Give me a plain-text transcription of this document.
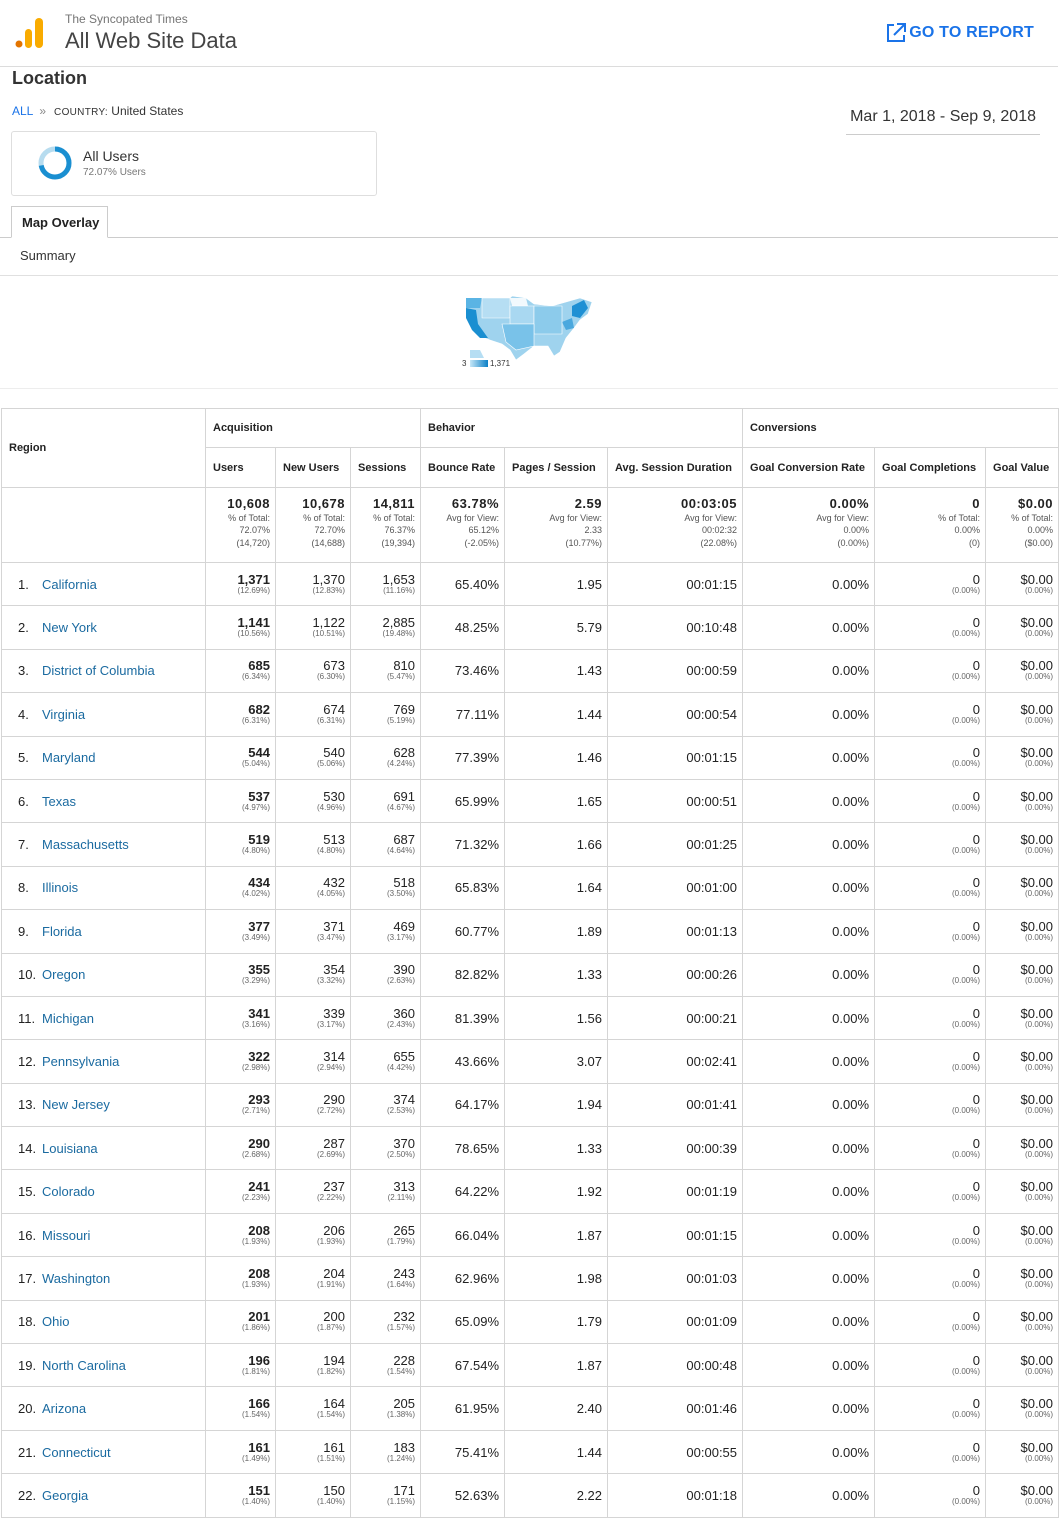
The Syncopated Times
All Web Site Data	GO TO REPORT
Location
ALL » COUNTRY: United States	Mar 1, 2018 - Sep 9, 2018
All Users
72.07% Users
Map Overlay
Summary
3	1,371
Region	Acquisition			Behavior			Conversions		
	Users	New Users	Sessions	Bounce Rate	Pages / Session	Avg. Session Duration	Goal Conversion Rate	Goal Completions	Goal Value

	10,608
% of Total:
72.07%
(14,720)	10,678
% of Total:
72.70%
(14,688)	14,811
% of Total:
76.37%
(19,394)	63.78%
Avg for View:
65.12%
(-2.05%)	2.59
Avg for View:
2.33
(10.77%)	00:03:05
Avg for View:
00:02:32
(22.08%)	0.00%
Avg for View:
0.00%
(0.00%)	0
% of Total:
0.00%
(0)	$0.00
% of Total:
0.00%
($0.00)

1. California	1,371
(12.69%)	1,370
(12.83%)	1,653
(11.16%)	65.40%	1.95	00:01:15	0.00%	0
(0.00%)	$0.00
(0.00%)

2. New York	1,141
(10.56%)	1,122
(10.51%)	2,885
(19.48%)	48.25%	5.79	00:10:48	0.00%	0
(0.00%)	$0.00
(0.00%)

3. District of Columbia	685
(6.34%)	673
(6.30%)	810
(5.47%)	73.46%	1.43	00:00:59	0.00%	0
(0.00%)	$0.00
(0.00%)

4. Virginia	682
(6.31%)	674
(6.31%)	769
(5.19%)	77.11%	1.44	00:00:54	0.00%	0
(0.00%)	$0.00
(0.00%)

5. Maryland	544
(5.04%)	540
(5.06%)	628
(4.24%)	77.39%	1.46	00:01:15	0.00%	0
(0.00%)	$0.00
(0.00%)

6. Texas	537
(4.97%)	530
(4.96%)	691
(4.67%)	65.99%	1.65	00:00:51	0.00%	0
(0.00%)	$0.00
(0.00%)

7. Massachusetts	519
(4.80%)	513
(4.80%)	687
(4.64%)	71.32%	1.66	00:01:25	0.00%	0
(0.00%)	$0.00
(0.00%)

8. Illinois	434
(4.02%)	432
(4.05%)	518
(3.50%)	65.83%	1.64	00:01:00	0.00%	0
(0.00%)	$0.00
(0.00%)

9. Florida	377
(3.49%)	371
(3.47%)	469
(3.17%)	60.77%	1.89	00:01:13	0.00%	0
(0.00%)	$0.00
(0.00%)

10. Oregon	355
(3.29%)	354
(3.32%)	390
(2.63%)	82.82%	1.33	00:00:26	0.00%	0
(0.00%)	$0.00
(0.00%)

11. Michigan	341
(3.16%)	339
(3.17%)	360
(2.43%)	81.39%	1.56	00:00:21	0.00%	0
(0.00%)	$0.00
(0.00%)

12. Pennsylvania	322
(2.98%)	314
(2.94%)	655
(4.42%)	43.66%	3.07	00:02:41	0.00%	0
(0.00%)	$0.00
(0.00%)

13. New Jersey	293
(2.71%)	290
(2.72%)	374
(2.53%)	64.17%	1.94	00:01:41	0.00%	0
(0.00%)	$0.00
(0.00%)

14. Louisiana	290
(2.68%)	287
(2.69%)	370
(2.50%)	78.65%	1.33	00:00:39	0.00%	0
(0.00%)	$0.00
(0.00%)

15. Colorado	241
(2.23%)	237
(2.22%)	313
(2.11%)	64.22%	1.92	00:01:19	0.00%	0
(0.00%)	$0.00
(0.00%)

16. Missouri	208
(1.93%)	206
(1.93%)	265
(1.79%)	66.04%	1.87	00:01:15	0.00%	0
(0.00%)	$0.00
(0.00%)

17. Washington	208
(1.93%)	204
(1.91%)	243
(1.64%)	62.96%	1.98	00:01:03	0.00%	0
(0.00%)	$0.00
(0.00%)

18. Ohio	201
(1.86%)	200
(1.87%)	232
(1.57%)	65.09%	1.79	00:01:09	0.00%	0
(0.00%)	$0.00
(0.00%)

19. North Carolina	196
(1.81%)	194
(1.82%)	228
(1.54%)	67.54%	1.87	00:00:48	0.00%	0
(0.00%)	$0.00
(0.00%)

20. Arizona	166
(1.54%)	164
(1.54%)	205
(1.38%)	61.95%	2.40	00:01:46	0.00%	0
(0.00%)	$0.00
(0.00%)

21. Connecticut	161
(1.49%)	161
(1.51%)	183
(1.24%)	75.41%	1.44	00:00:55	0.00%	0
(0.00%)	$0.00
(0.00%)

22. Georgia	151
(1.40%)	150
(1.40%)	171
(1.15%)	52.63%	2.22	00:01:18	0.00%	0
(0.00%)	$0.00
(0.00%)
